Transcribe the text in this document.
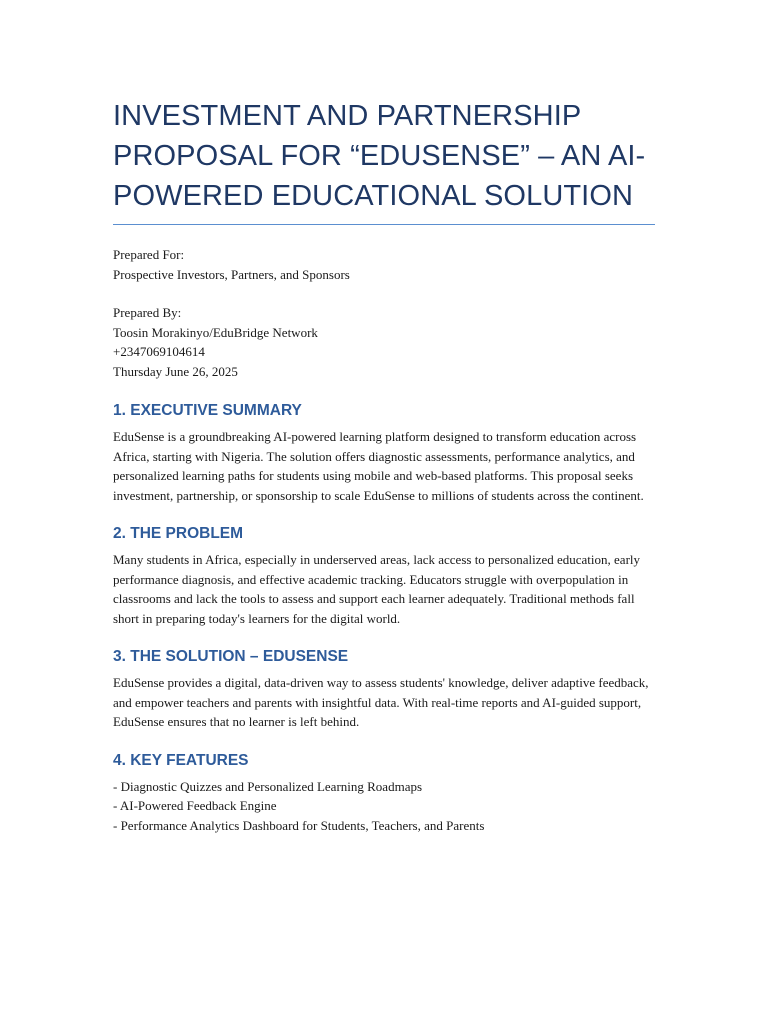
INVESTMENT AND PARTNERSHIP PROPOSAL FOR “EDUSENSE” – AN AI-POWERED EDUCATIONAL SOLUTION
Prepared For:
Prospective Investors, Partners, and Sponsors
Prepared By:
Toosin Morakinyo/EduBridge Network
+2347069104614
Thursday June 26, 2025
1. EXECUTIVE SUMMARY

EduSense is a groundbreaking AI-powered learning platform designed to transform education across Africa, starting with Nigeria. The solution offers diagnostic assessments, performance analytics, and personalized learning paths for students using mobile and web-based platforms. This proposal seeks investment, partnership, or sponsorship to scale EduSense to millions of students across the continent.

2. THE PROBLEM

Many students in Africa, especially in underserved areas, lack access to personalized education, early performance diagnosis, and effective academic tracking. Educators struggle with overpopulation in classrooms and lack the tools to assess and support each learner adequately. Traditional methods fall short in preparing today's learners for the digital world.

3. THE SOLUTION – EDUSENSE

EduSense provides a digital, data-driven way to assess students' knowledge, deliver adaptive feedback, and empower teachers and parents with insightful data. With real-time reports and AI-guided support, EduSense ensures that no learner is left behind.

4. KEY FEATURES
- Diagnostic Quizzes and Personalized Learning Roadmaps
- AI-Powered Feedback Engine
- Performance Analytics Dashboard for Students, Teachers, and Parents
